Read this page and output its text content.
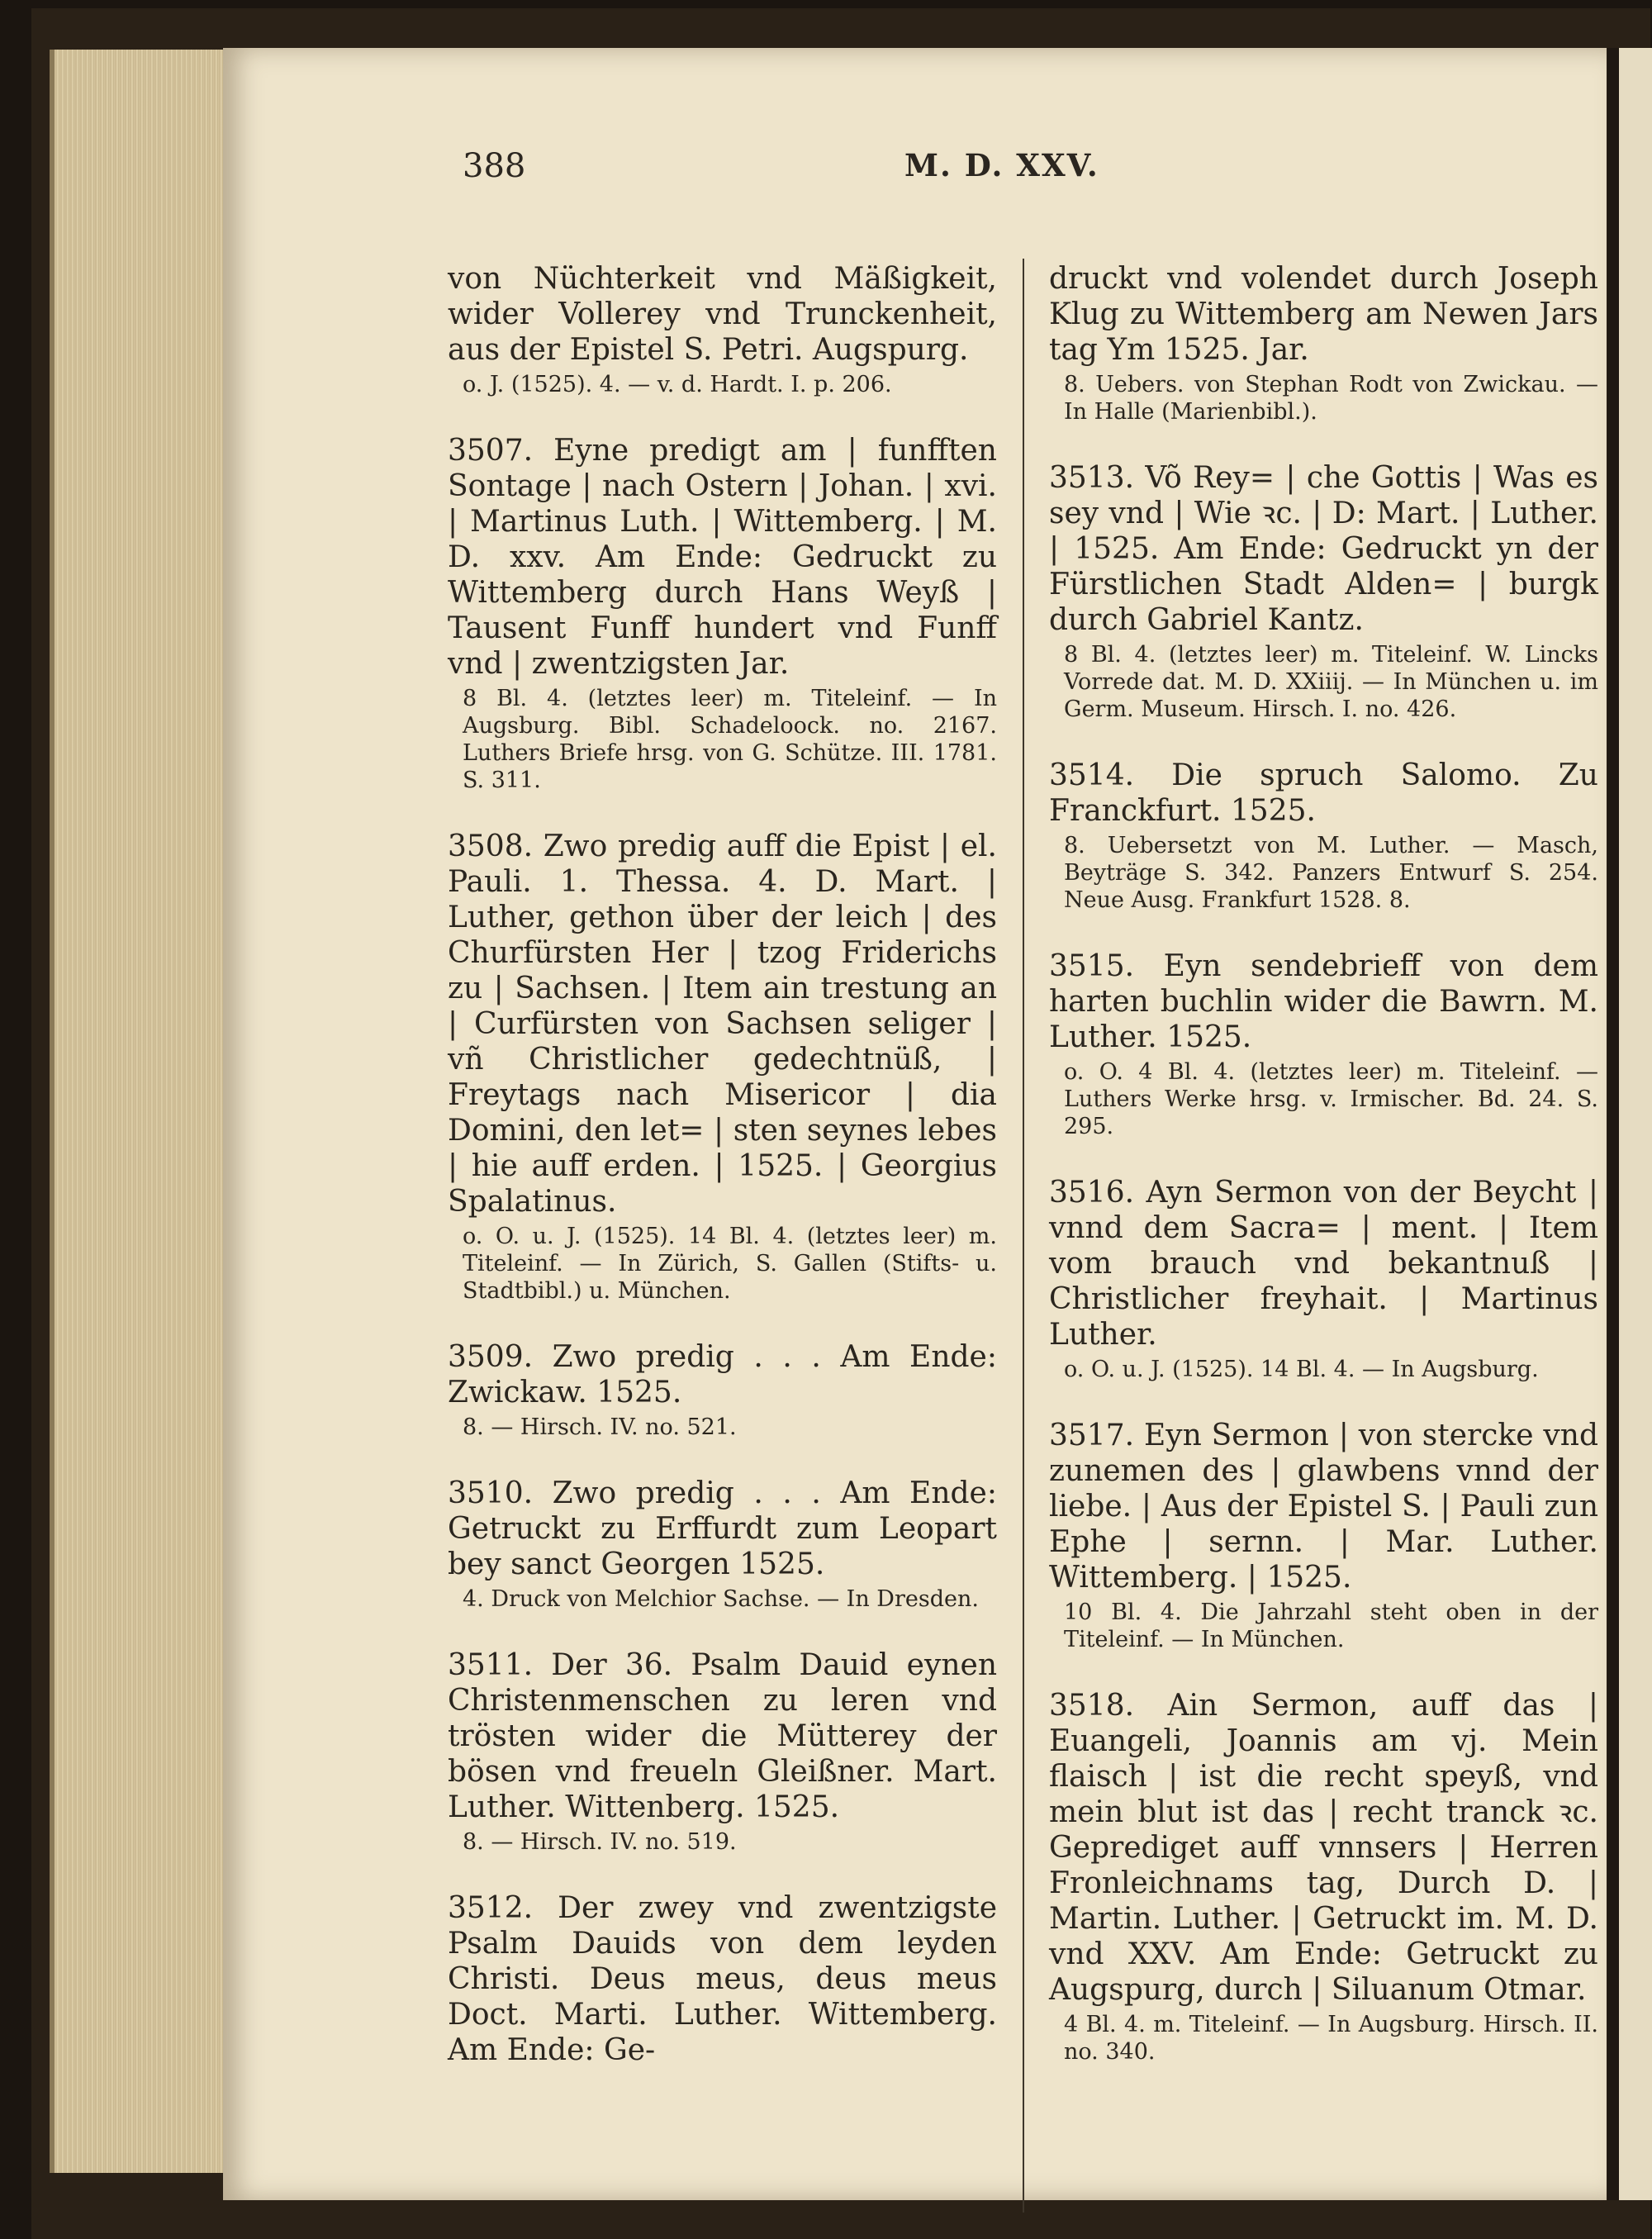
388	M. D. XXV.
von Nüchterkeit vnd Mäßigkeit, wider Vollerey vnd Trunckenheit, aus der Epistel S. Petri. Augspurg.
o. J. (1525). 4. — v. d. Hardt. I. p. 206.
3507. Eyne predigt am | funfften Sontage | nach Ostern | Johan. | xvi. | Martinus Luth. | Wittemberg. | M. D. xxv. Am Ende: Gedruckt zu Wittemberg durch Hans Weyß | Tausent Funff hundert vnd Funff vnd | zwentzigsten Jar.
8 Bl. 4. (letztes leer) m. Titeleinf. — In Augsburg. Bibl. Schadeloock. no. 2167. Luthers Briefe hrsg. von G. Schütze. III. 1781. S. 311.
3508. Zwo predig auff die Epist | el. Pauli. 1. Thessa. 4. D. Mart. | Luther, gethon über der leich | des Churfürsten Her | tzog Friderichs zu | Sachsen. | Item ain trestung an | Curfürsten von Sachsen seliger | vñ Christlicher gedechtnüß, | Freytags nach Misericor | dia Domini, den let= | sten seynes lebes | hie auff erden. | 1525. | Georgius Spalatinus.
o. O. u. J. (1525). 14 Bl. 4. (letztes leer) m. Titeleinf. — In Zürich, S. Gallen (Stifts- u. Stadtbibl.) u. München.
3509. Zwo predig . . . Am Ende: Zwickaw. 1525.
8. — Hirsch. IV. no. 521.
3510. Zwo predig . . . Am Ende: Getruckt zu Erffurdt zum Leopart bey sanct Georgen 1525.
4. Druck von Melchior Sachse. — In Dresden.
3511. Der 36. Psalm Dauid eynen Christenmenschen zu leren vnd trösten wider die Mütterey der bösen vnd freueln Gleißner. Mart. Luther. Wittenberg. 1525.
8. — Hirsch. IV. no. 519.
3512. Der zwey vnd zwentzigste Psalm Dauids von dem leyden Christi. Deus meus, deus meus Doct. Marti. Luther. Wittemberg. Am Ende: Ge-
druckt vnd volendet durch Joseph Klug zu Wittemberg am Newen Jars tag Ym 1525. Jar.
8. Uebers. von Stephan Rodt von Zwickau. — In Halle (Marienbibl.).
3513. Võ Rey= | che Gottis | Was es sey vnd | Wie ꝛc. | D: Mart. | Luther. | 1525. Am Ende: Gedruckt yn der Fürstlichen Stadt Alden= | burgk durch Gabriel Kantz.
8 Bl. 4. (letztes leer) m. Titeleinf. W. Lincks Vorrede dat. M. D. XXiiij. — In München u. im Germ. Museum. Hirsch. I. no. 426.
3514. Die spruch Salomo. Zu Franckfurt. 1525.
8. Uebersetzt von M. Luther. — Masch, Beyträge S. 342. Panzers Entwurf S. 254. Neue Ausg. Frankfurt 1528. 8.
3515. Eyn sendebrieff von dem harten buchlin wider die Bawrn. M. Luther. 1525.
o. O. 4 Bl. 4. (letztes leer) m. Titeleinf. — Luthers Werke hrsg. v. Irmischer. Bd. 24. S. 295.
3516. Ayn Sermon von der Beycht | vnnd dem Sacra= | ment. | Item vom brauch vnd bekantnuß | Christlicher freyhait. | Martinus Luther.
o. O. u. J. (1525). 14 Bl. 4. — In Augsburg.
3517. Eyn Sermon | von stercke vnd zunemen des | glawbens vnnd der liebe. | Aus der Epistel S. | Pauli zun Ephe | sernn. | Mar. Luther. Wittemberg. | 1525.
10 Bl. 4. Die Jahrzahl steht oben in der Titeleinf. — In München.
3518. Ain Sermon, auff das | Euangeli, Joannis am vj. Mein flaisch | ist die recht speyß, vnd mein blut ist das | recht tranck ꝛc. Geprediget auff vnnsers | Herren Fronleichnams tag, Durch D. | Martin. Luther. | Getruckt im. M. D. vnd XXV. Am Ende: Getruckt zu Augspurg, durch | Siluanum Otmar.
4 Bl. 4. m. Titeleinf. — In Augsburg. Hirsch. II. no. 340.
